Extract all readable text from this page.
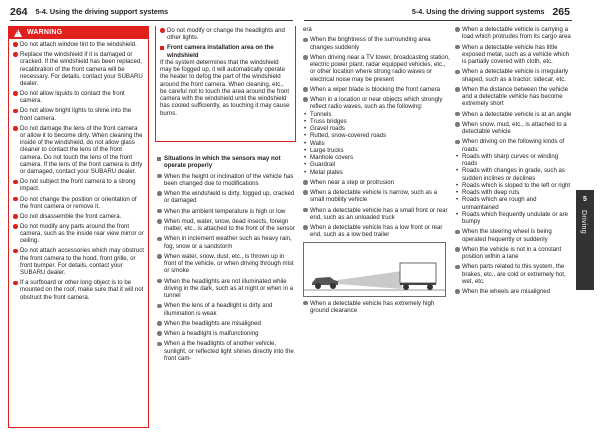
264 5-4. Using the driving support systems	5-4. Using the driving support systems 265
!
WARNING
Do not attach window tint to the windshield.
Replace the windshield if it is damaged or cracked. If the windshield has been replaced, recalibration of the front camera will be necessary. For details, contact your SUBARU dealer.
Do not allow liquids to contact the front camera.
Do not allow bright lights to shine into the front camera.
Do not damage the lens of the front camera or allow it to become dirty. When cleaning the inside of the windshield, do not allow glass cleaner to contact the lens of the front camera. Do not touch the lens of the front camera. If the lens of the front camera is dirty or damaged, contact your SUBARU dealer.
Do not subject the front camera to a strong impact.
Do not change the position or orientation of the front camera or remove it.
Do not disassemble the front camera.
Do not modify any parts around the front camera, such as the inside rear view mirror or ceiling.
Do not attach accessories which may obstruct the front camera to the hood, front grille, or front bumper. For details, contact your SUBARU dealer.
If a surfboard or other long object is to be mounted on the roof, make sure that it will not obstruct the front camera.
Do not modify or change the headlights and other lights.
Front camera installation area on the windshield

If the system determines that the windshield may be fogged up, it will automatically operate the heater to defog the part of the windshield around the front camera. When cleaning, etc., be careful not to touch the area around the front camera with the windshield until the windshield has cooled sufficiently, as touching it may cause burns.

Situations in which the sensors may not operate properly
When the height or inclination of the vehicle has been changed due to modifications
When the windshield is dirty, fogged up, cracked or damaged
When the ambient temperature is high or low
When mud, water, snow, dead insects, foreign matter, etc., is attached to the front of the sensor
When in inclement weather such as heavy rain, fog, snow or a sandstorm
When water, snow, dust, etc., is thrown up in front of the vehicle, or when driving through mist or smoke
When the headlights are not illuminated while driving in the dark, such as at night or when in a tunnel
When the lens of a headlight is dirty and illumination is weak
When the headlights are misaligned
When a headlight is malfunctioning
When a the headlights of another vehicle, sunlight, or reflected light shines directly into the front cam-

era

When the brightness of the surrounding area changes suddenly
When driving near a TV tower, broadcasting station, electric power plant, radar equipped vehicles, etc., or other location where strong radio waves or electrical noise may be present
When a wiper blade is blocking the front camera
When in a location or near objects which strongly reflect radio waves, such as the following:
• Tunnels
• Truss bridges
• Gravel roads
• Rutted, snow-covered roads
• Walls
• Large trucks
• Manhole covers
• Guardrail
• Metal plates
When near a step or protrusion
When a detectable vehicle is narrow, such as a small mobility vehicle
When a detectable vehicle has a small front or rear end, such as an unloaded truck
When a detectable vehicle has a low front or rear end, such as a low bed trailer
When a detectable vehicle has extremely high ground clearance
When a detectable vehicle is carrying a load which protrudes from its cargo area
When a detectable vehicle has little exposed metal, such as a vehicle which is partially covered with cloth, etc.
When a detectable vehicle is irregularly shaped, such as a tractor, sidecar, etc.
When the distance between the vehicle and a detectable vehicle has become extremely short
When a detectable vehicle is at an angle
When snow, mud, etc., is attached to a detectable vehicle
When driving on the following kinds of roads:
• Roads with sharp curves or winding roads
• Roads with changes in grade, such as sudden inclines or declines
• Roads which is sloped to the left or right
• Roads with deep ruts
• Roads which are rough and unmaintained
• Roads which frequently undulate or are bumpy
When the steering wheel is being operated frequently or suddenly
When the vehicle is not in a constant position within a lane
When parts related to this system, the brakes, etc., are cold or extremely hot, wet, etc.
When the wheels are misaligned
5
Driving
